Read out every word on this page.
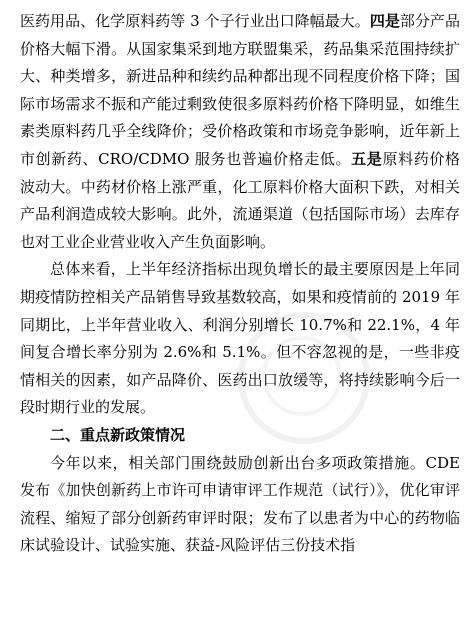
医药用品、化学原料药等 3 个子行业出口降幅最大。四是部分产品价格大幅下滑。从国家集采到地方联盟集采，药品集采范围持续扩大、种类增多，新进品种和续约品种都出现不同程度价格下降；国际市场需求不振和产能过剩致使很多原料药价格下降明显，如维生素类原料药几乎全线降价；受价格政策和市场竞争影响，近年新上市创新药、CRO/CDMO 服务也普遍价格走低。五是原料药价格波动大。中药材价格上涨严重，化工原料价格大面积下跌，对相关产品利润造成较大影响。此外，流通渠道（包括国际市场）去库存也对工业企业营业收入产生负面影响。

总体来看，上半年经济指标出现负增长的最主要原因是上年同期疫情防控相关产品销售导致基数较高，如果和疫情前的 2019 年同期比，上半年营业收入、利润分别增长 10.7%和 22.1%，4 年间复合增长率分别为 2.6%和 5.1%。但不容忽视的是，一些非疫情相关的因素，如产品降价、医药出口放缓等，将持续影响今后一段时期行业的发展。

二、重点新政策情况

今年以来，相关部门围绕鼓励创新出台多项政策措施。CDE 发布《加快创新药上市许可申请审评工作规范（试行）》，优化审评流程、缩短了部分创新药审评时限；发布了以患者为中心的药物临床试验设计、试验实施、获益-风险评估三份技术指
